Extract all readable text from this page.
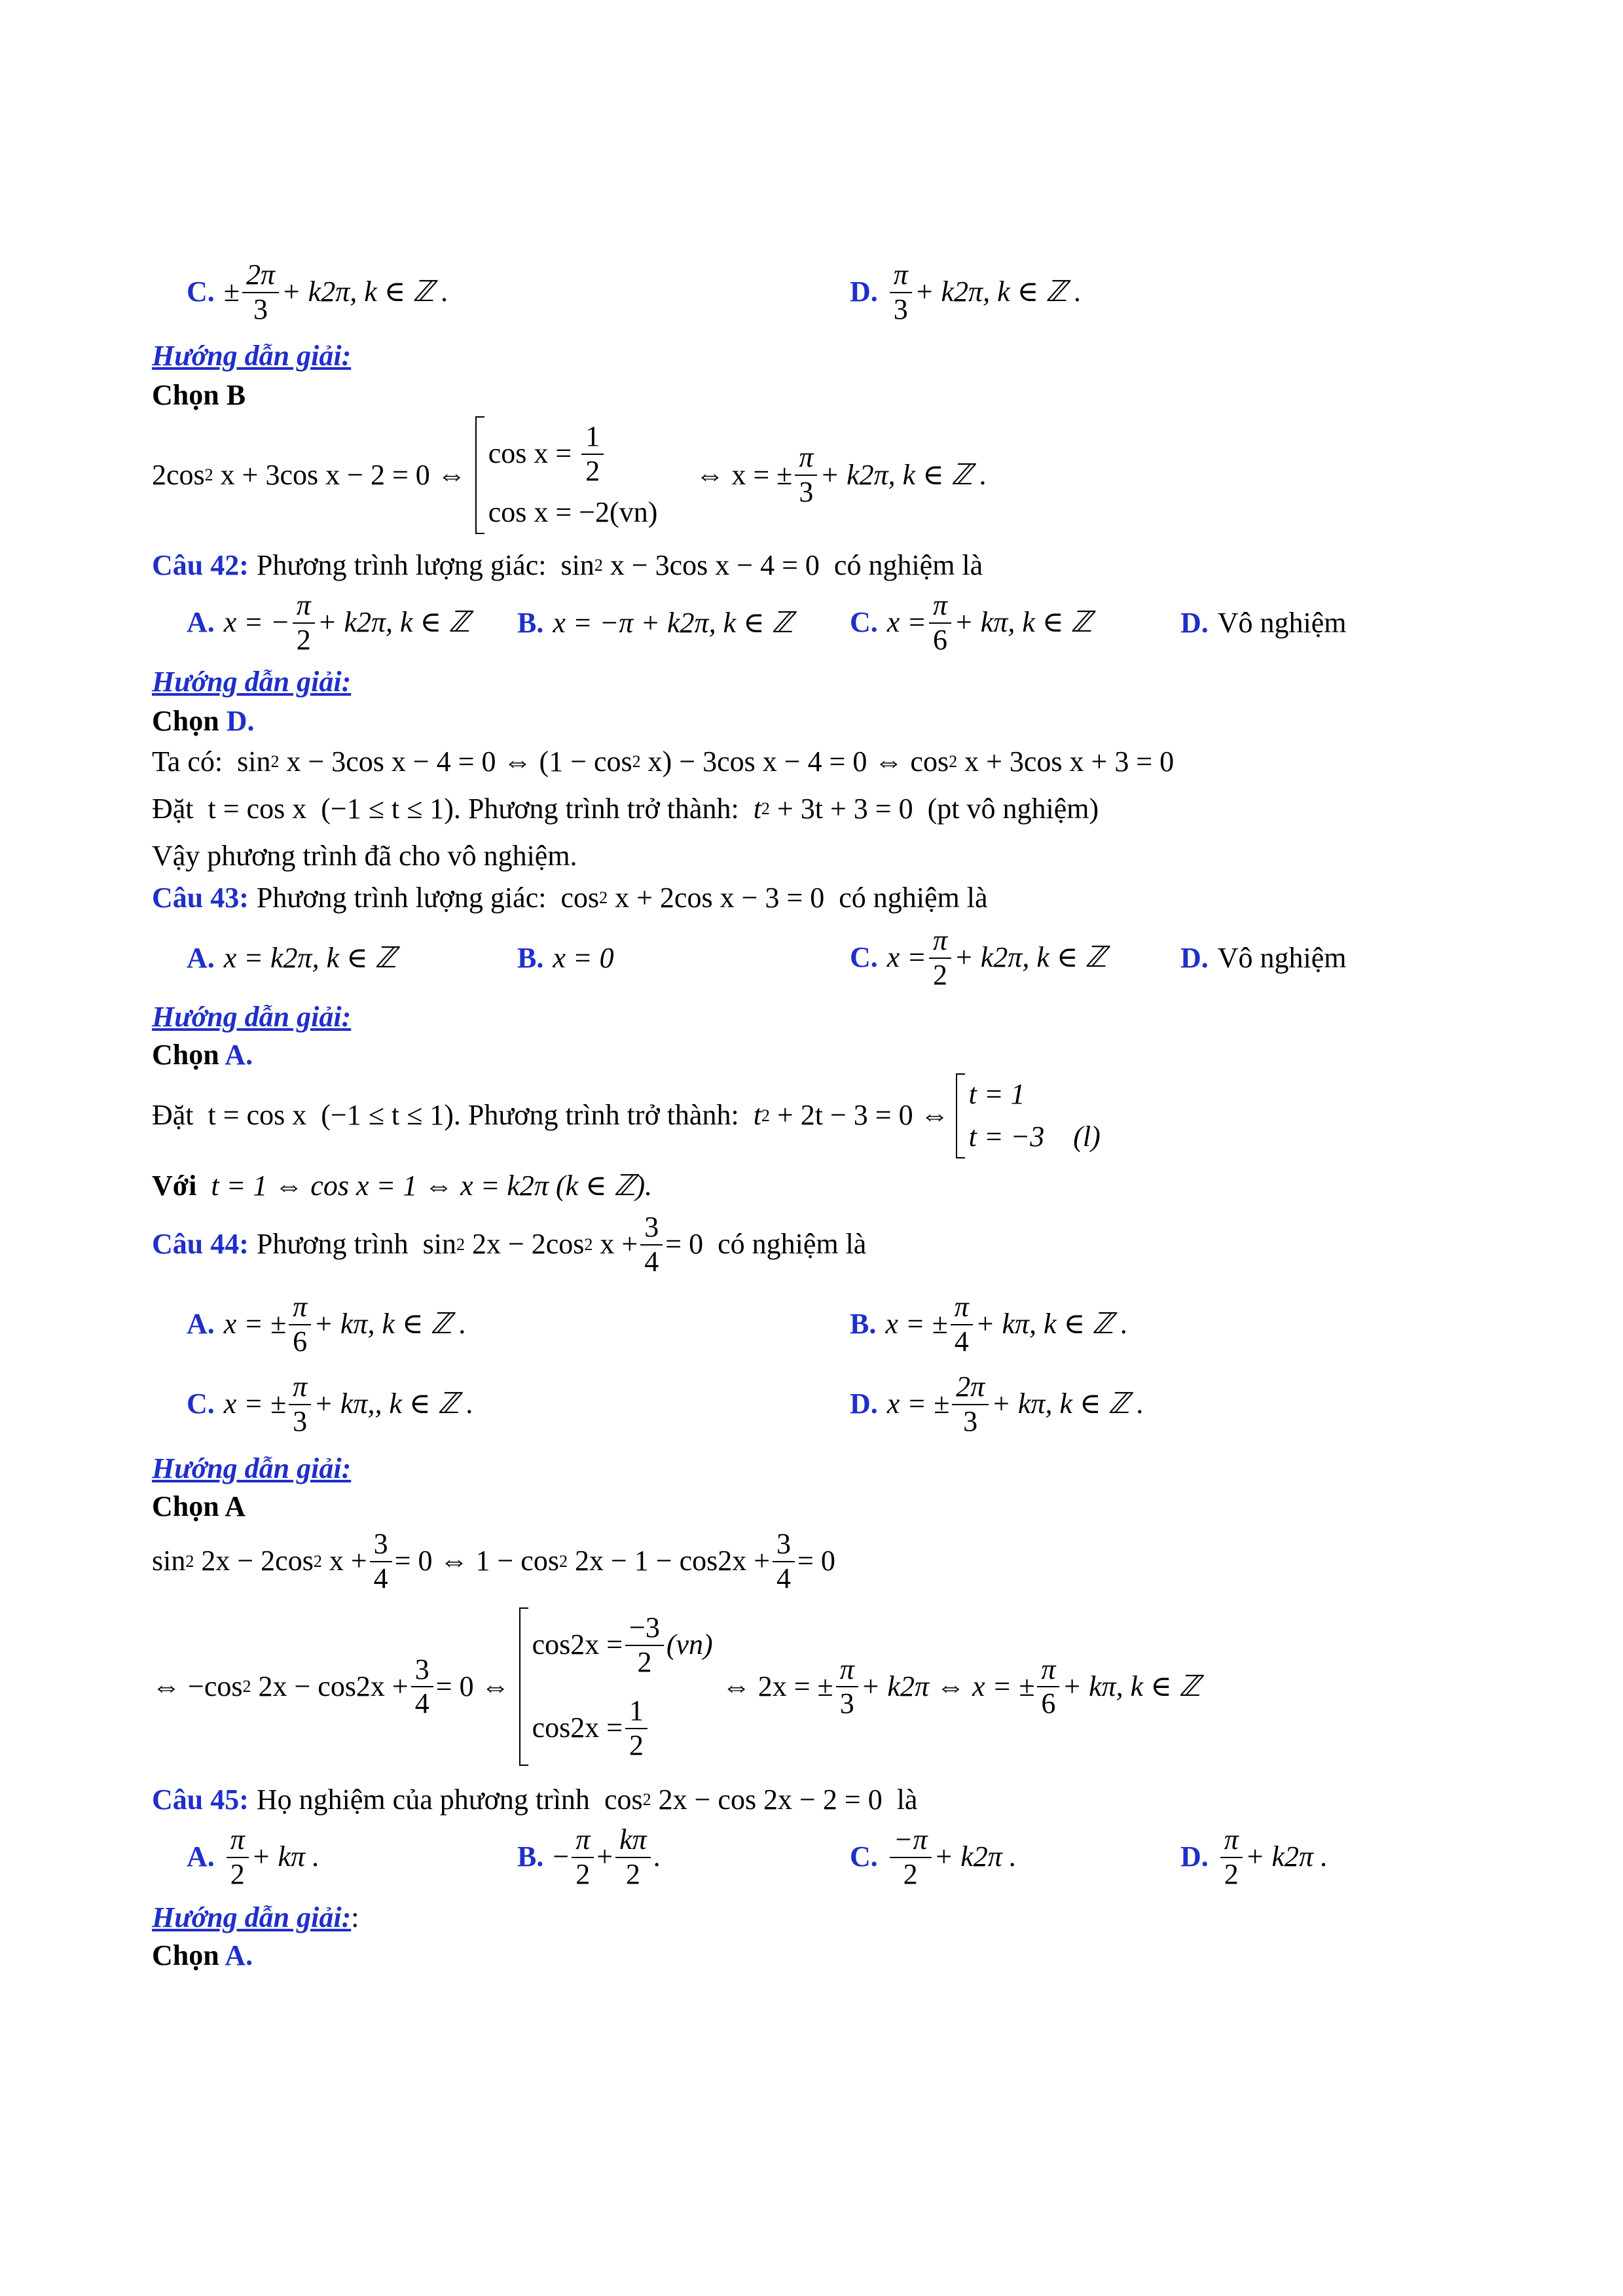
C. ± $\frac{2\pi}{3} + k2\pi$, k ∈ ℤ .	D. $\frac{\pi}{3} + k2\pi$, k ∈ ℤ .
Hướng dẫn giải:
Chọn B
2cos 2 x + 3cos x − 2 = 0 ⇔
$\cos x = \frac{1}{2}$
cos x = −2(vn)
⇔ x = ± $\frac{\pi}{3} + k2\pi$, k ∈ ℤ .
Câu 42: Phương trình lượng giác: sin 2 x − 3cos x − 4 = 0 có nghiệm là
A. x = − $\frac{\pi}{2} + k2\pi$, k ∈ ℤ B. x = −π + k2π, k ∈ ℤ C. $x = \frac{\pi}{6} + k\pi$, k ∈ ℤ	D. Vô nghiệm
Hướng dẫn giải:
Chọn D.
Ta có: sin 2 x − 3cos x − 4 = 0 ⇔ (1 − cos 2 x) − 3cos x − 4 = 0 ⇔ cos 2 x + 3cos x + 3 = 0
Đặt t = cos x  (−1 ≤ t ≤ 1) . Phương trình trở thành: t 2 + 3t + 3 = 0 (pt vô nghiệm)
Vậy phương trình đã cho vô nghiệm.
Câu 43: Phương trình lượng giác: cos 2 x + 2cos x − 3 = 0 có nghiệm là
A. x = k2π, k ∈ ℤ	B. x = 0	C. $x = \frac{\pi}{2} + k2\pi$, k ∈ ℤ	D. Vô nghiệm
Hướng dẫn giải:
Chọn A.
Đặt t = cos x  (−1 ≤ t ≤ 1) . Phương trình trở thành: t 2 + 2t − 3 = 0 ⇔
t = 1
t = −3    (l)
Với t = 1 ⇔ cos x = 1 ⇔ x = k2π (k ∈ ℤ).
Câu 44: Phương trình sin 2 2x − 2cos 2 $x + \frac{3}{4} = 0$ có nghiệm là
A. x = ± $\frac{\pi}{6} + k\pi$, k ∈ ℤ .	B. x = ± $\frac{\pi}{4} + k\pi$, k ∈ ℤ .
C. x = ± $\frac{\pi}{3} + k\pi$,, k ∈ ℤ .	D. x = ± $\frac{2\pi}{3} + k\pi$, k ∈ ℤ .
Hướng dẫn giải:
Chọn A
sin 2 2x − 2cos 2 $x + \frac{3}{4} = 0$ ⇔ 1 − cos 2 $2x - 1 - \cos 2x + \frac{3}{4} = 0$
⇔ −cos 2 $2x - \cos 2x + \frac{3}{4} = 0$ ⇔
$\cos 2x = \frac{-3}{2} (vn)$
$\cos 2x = \frac{1}{2}$
⇔ 2x = ± $\frac{\pi}{3} + k2\pi$ ⇔ x = ± $\frac{\pi}{6} + k\pi$, k ∈ ℤ
Câu 45: Họ nghiệm của phương trình cos 2 2x − cos 2x − 2 = 0 là
A. $\frac{\pi}{2} + k\pi$ .	B. − $\frac{\pi}{2} + \frac{k\pi}{2}$ .	C. $\frac{-\pi}{2} + k2\pi$ .	D. $\frac{\pi}{2} + k2\pi$ .
Hướng dẫn giải: :
Chọn A.
